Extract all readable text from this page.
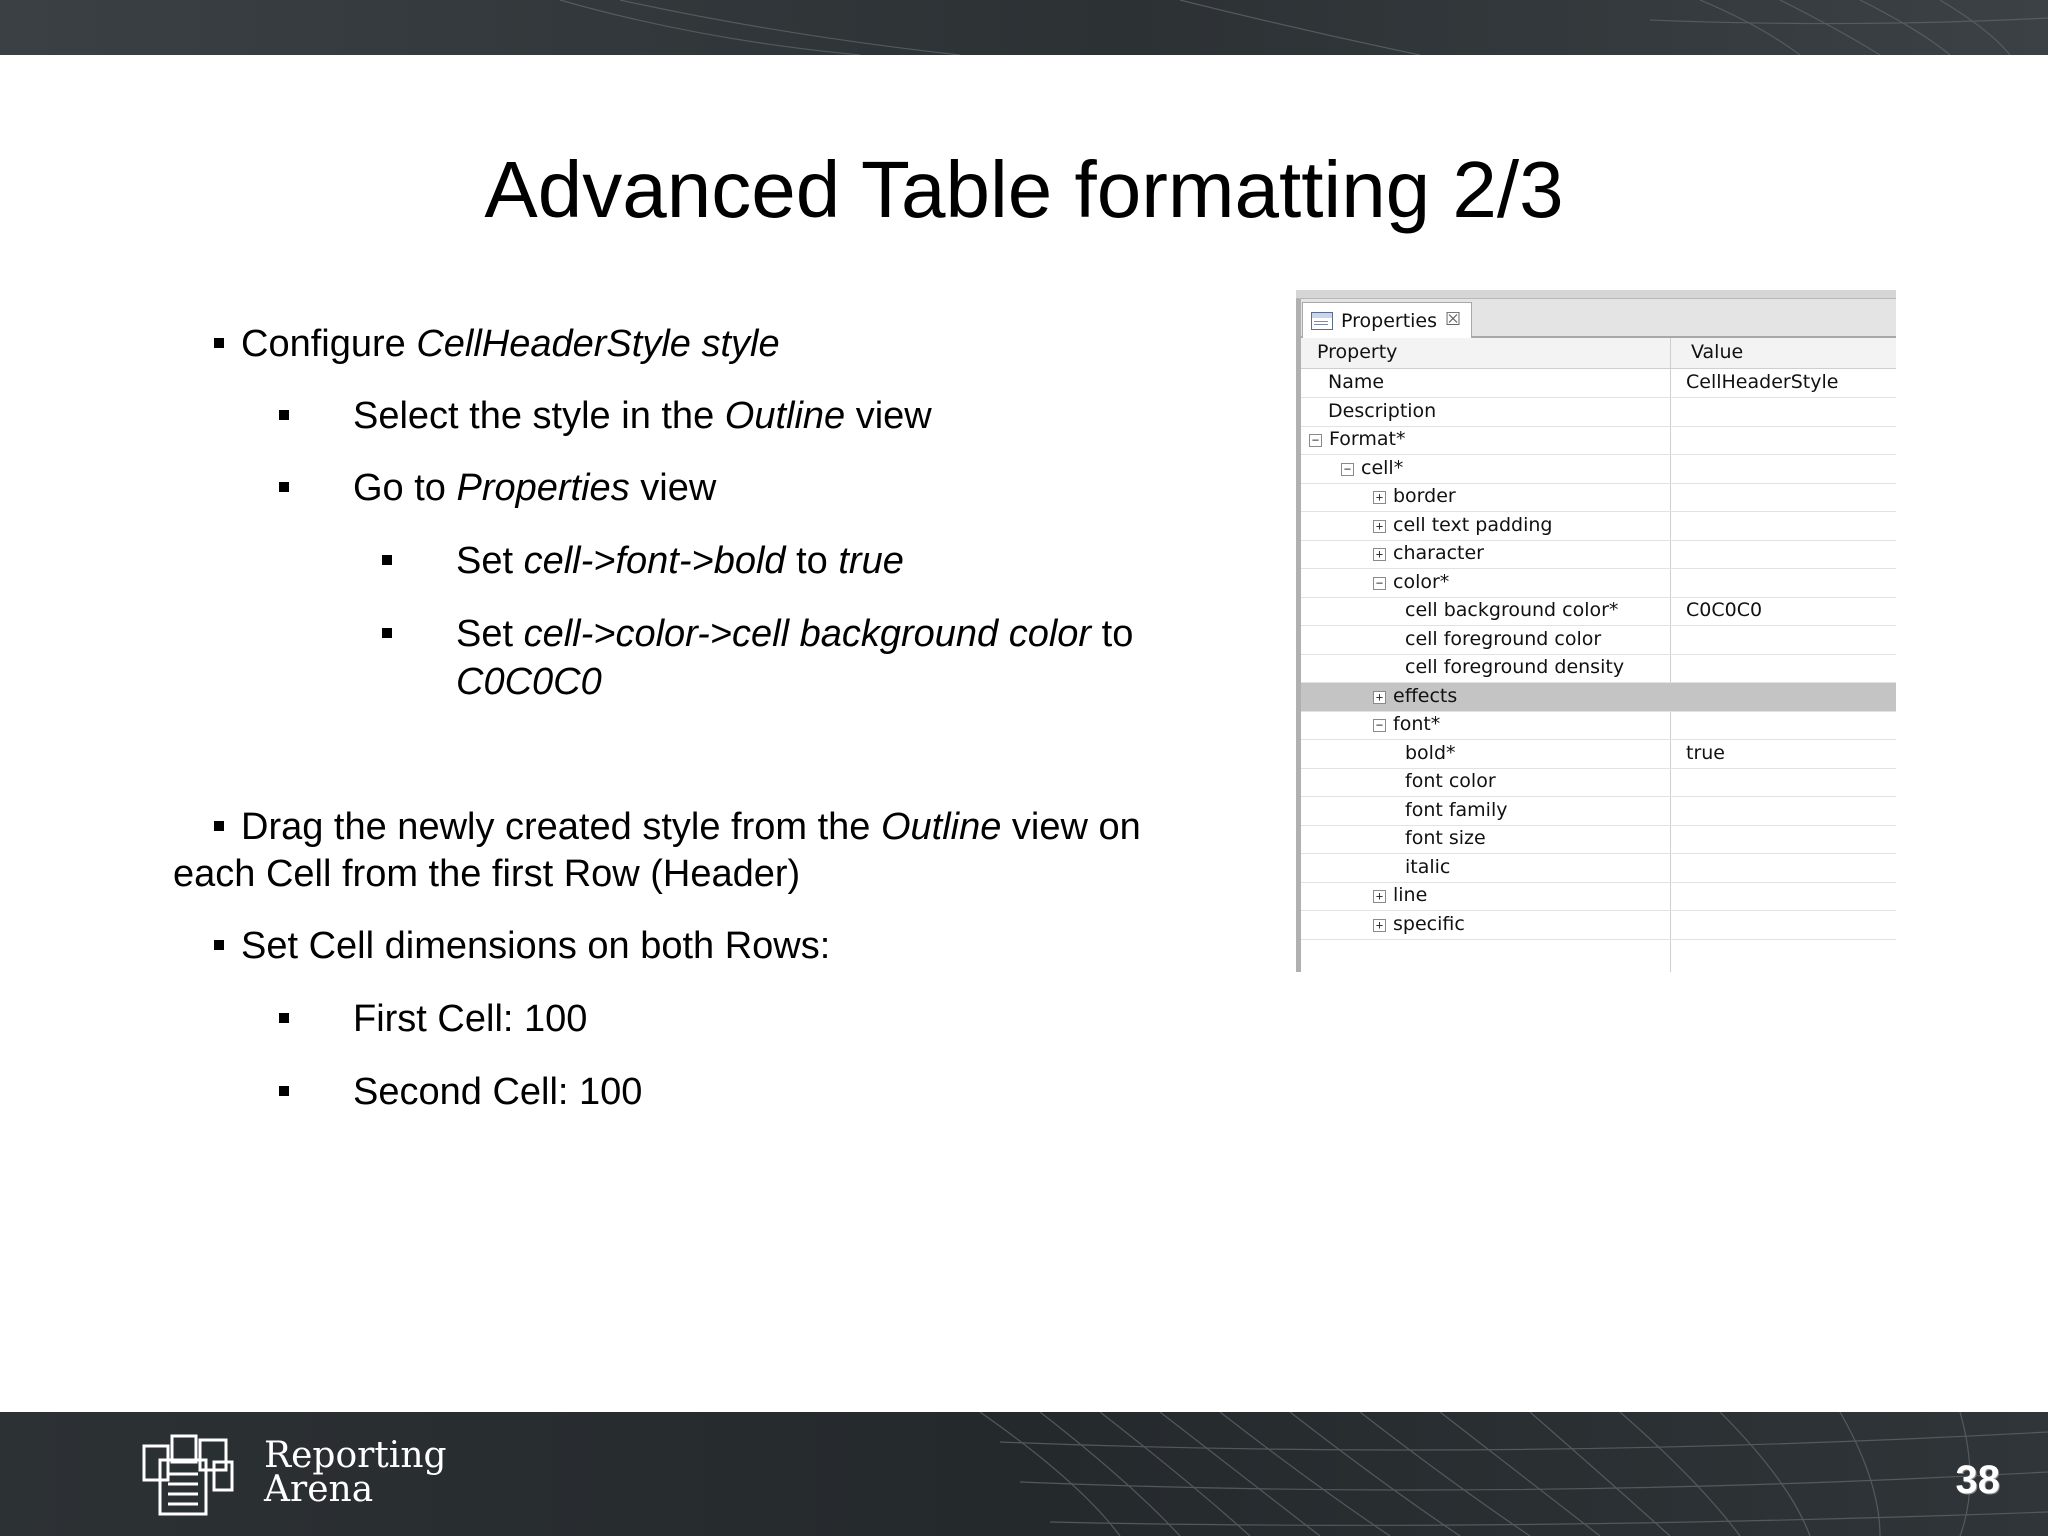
Advanced Table formatting 2/3
Configure CellHeaderStyle style
Select the style in the Outline view
Go to Properties view
Set cell->font->bold to true
Set cell->color->cell background color to
C0C0C0
Drag the newly created style from the Outline view on
each Cell from the first Row (Header)
Set Cell dimensions on both Rows:
First Cell: 100
Second Cell: 100
Properties ☒
Property	Value
Name	CellHeaderStyle
Description
− Format*
− cell*
+ border
+ cell text padding
+ character
− color*
cell background color*	C0C0C0
cell foreground color
cell foreground density
+ effects
− font*
bold*	true
font color
font family
font size
italic
+ line
+ specific
Reporting
Arena	38
